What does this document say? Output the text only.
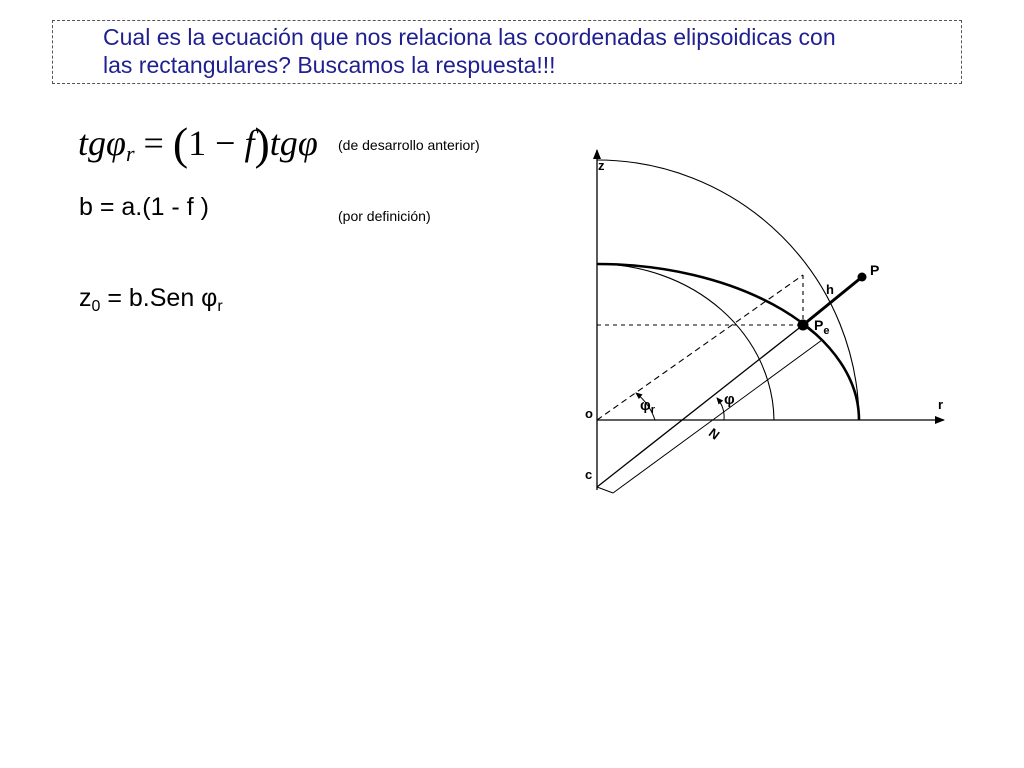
Cual es la ecuación que nos relaciona las coordenadas elipsoidicas con
las rectangulares? Buscamos la respuesta!!!
tgφ$_r$ = (1 − f)tgφ (de desarrollo anterior)
b = a.(1 - f )	(por definición)
$z_0 = b.Sen$ $\varphi_r$
z
r
o
c
P
$P_e$
h
N
$\varphi_r$
φ
